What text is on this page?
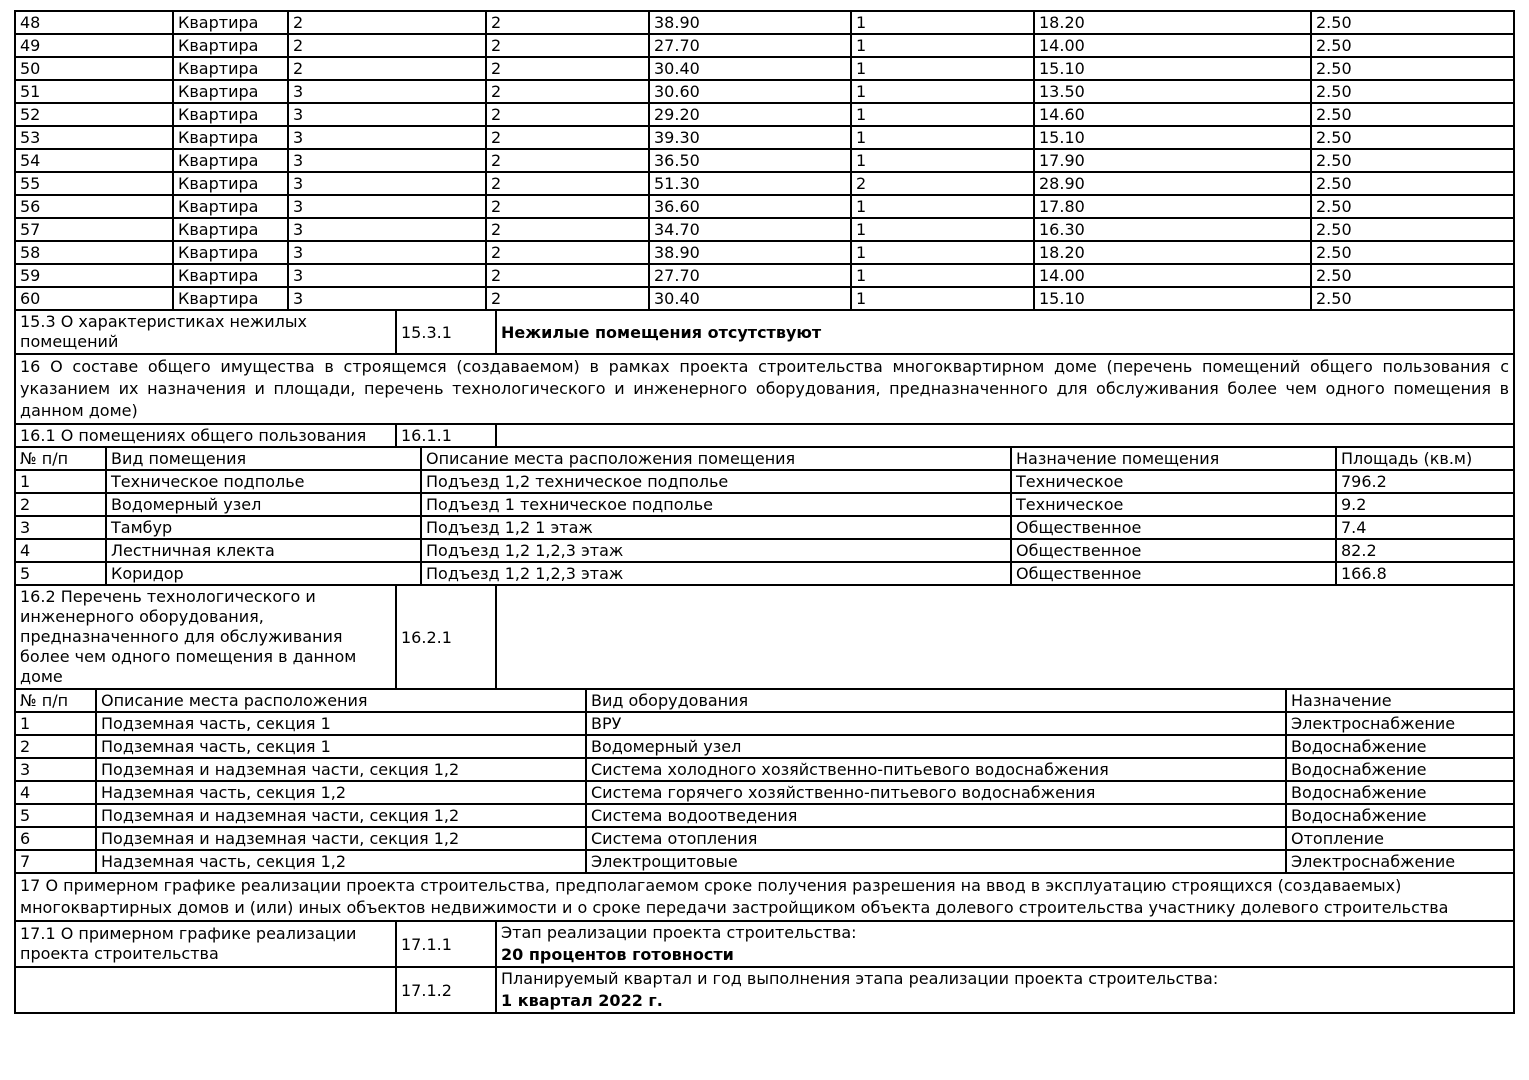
48	Квартира	2	2	38.90	1	18.20	2.50
49	Квартира	2	2	27.70	1	14.00	2.50
50	Квартира	2	2	30.40	1	15.10	2.50
51	Квартира	3	2	30.60	1	13.50	2.50
52	Квартира	3	2	29.20	1	14.60	2.50
53	Квартира	3	2	39.30	1	15.10	2.50
54	Квартира	3	2	36.50	1	17.90	2.50
55	Квартира	3	2	51.30	2	28.90	2.50
56	Квартира	3	2	36.60	1	17.80	2.50
57	Квартира	3	2	34.70	1	16.30	2.50
58	Квартира	3	2	38.90	1	18.20	2.50
59	Квартира	3	2	27.70	1	14.00	2.50
60	Квартира	3	2	30.40	1	15.10	2.50
15.3 О характеристиках нежилых помещений	15.3.1	Нежилые помещения отсутствуют
16 О составе общего имущества в строящемся (создаваемом) в рамках проекта строительства многоквартирном доме (перечень помещений общего пользования с указанием их назначения и площади, перечень технологического и инженерного оборудования, предназначенного для обслуживания более чем одного помещения в данном доме)
16.1 О помещениях общего пользования	16.1.1	
№ п/п	Вид помещения	Описание места расположения помещения	Назначение помещения	Площадь (кв.м)
1	Техническое подполье	Подъезд 1,2 техническое подполье	Техническое	796.2
2	Водомерный узел	Подъезд 1 техническое подполье	Техническое	9.2
3	Тамбур	Подъезд 1,2 1 этаж	Общественное	7.4
4	Лестничная клекта	Подъезд 1,2 1,2,3 этаж	Общественное	82.2
5	Коридор	Подъезд 1,2 1,2,3 этаж	Общественное	166.8
16.2 Перечень технологического и инженерного оборудования, предназначенного для обслуживания более чем одного помещения в данном доме	16.2.1	
№ п/п	Описание места расположения	Вид оборудования	Назначение
1	Подземная часть, секция 1	ВРУ	Электроснабжение
2	Подземная часть, секция 1	Водомерный узел	Водоснабжение
3	Подземная и надземная части, секция 1,2	Система холодного хозяйственно-питьевого водоснабжения	Водоснабжение
4	Надземная часть, секция 1,2	Система горячего хозяйственно-питьевого водоснабжения	Водоснабжение
5	Подземная и надземная части, секция 1,2	Система водоотведения	Водоснабжение
6	Подземная и надземная части, секция 1,2	Система отопления	Отопление
7	Надземная часть, секция 1,2	Электрощитовые	Электроснабжение
17 О примерном графике реализации проекта строительства, предполагаемом сроке получения разрешения на ввод в эксплуатацию строящихся (создаваемых) многоквартирных домов и (или) иных объектов недвижимости и о сроке передачи застройщиком объекта долевого строительства участнику долевого строительства
17.1 О примерном графике реализации проекта строительства	17.1.1	Этап реализации проекта строительства:
20 процентов готовности

	17.1.2	Планируемый квартал и год выполнения этапа реализации проекта строительства:
1 квартал 2022 г.
